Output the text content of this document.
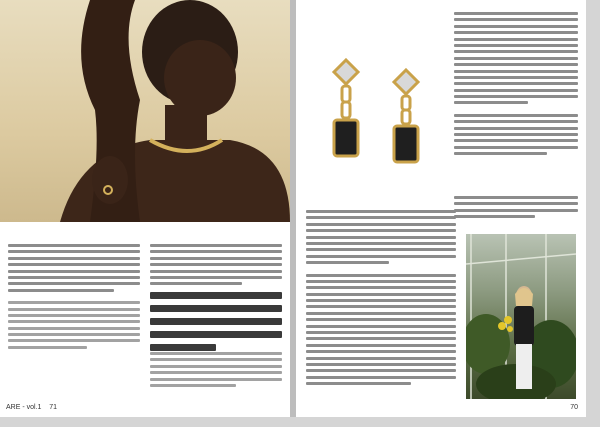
ARE - vol.1 71	70
